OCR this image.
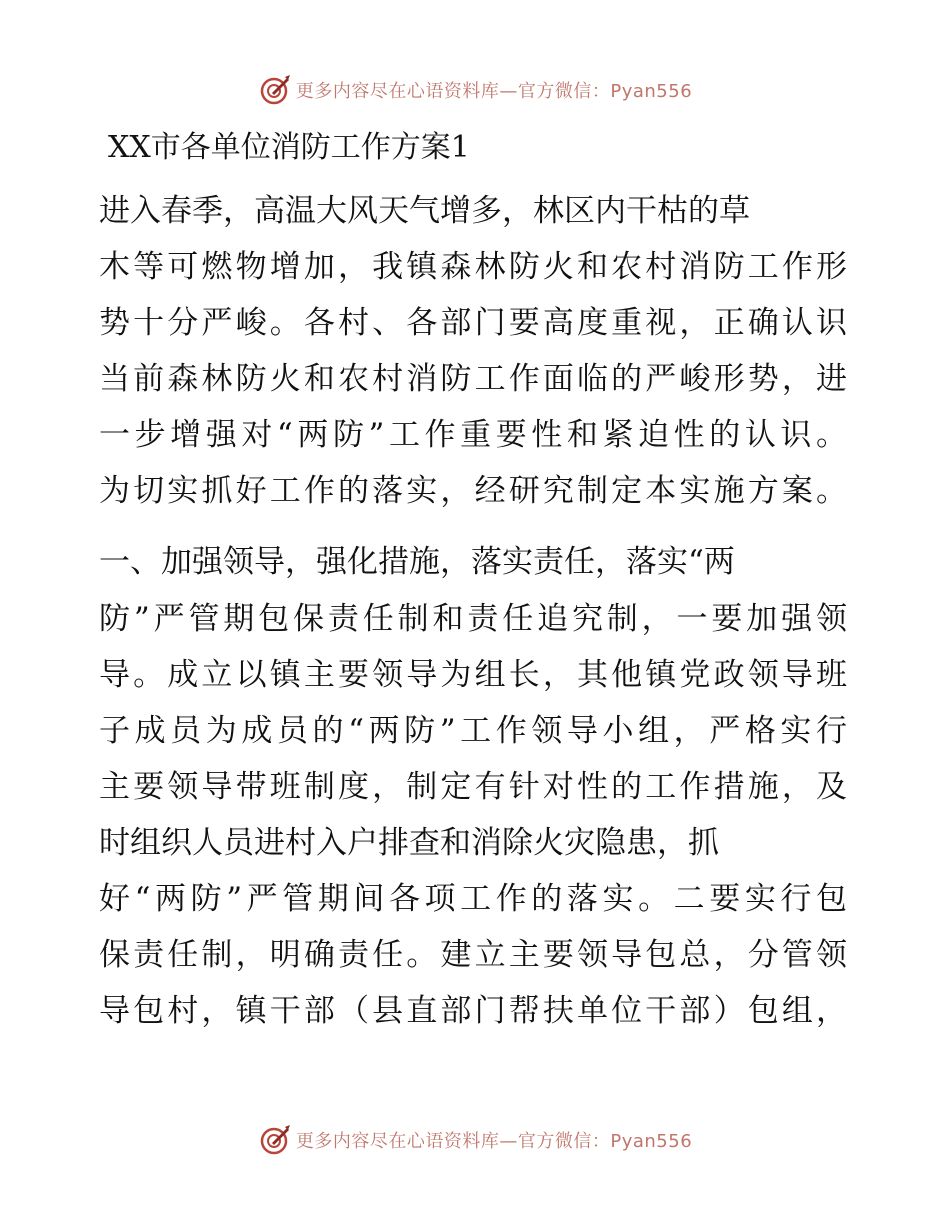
更多内容尽在心语资料库—官方微信：Pyan556
XX市各单位消防工作方案1
进入春季，高温大风天气增多，林区内干枯的草
木等可燃物增加，我镇森林防火和农村消防工作形
势十分严峻。各村、各部门要高度重视，正确认识
当前森林防火和农村消防工作面临的严峻形势，进
一步增强对“两防”工作重要性和紧迫性的认识。
为切实抓好工作的落实，经研究制定本实施方案。
一、加强领导，强化措施，落实责任，落实“两
防”严管期包保责任制和责任追究制，一要加强领
导。成立以镇主要领导为组长，其他镇党政领导班
子成员为成员的“两防”工作领导小组，严格实行
主要领导带班制度，制定有针对性的工作措施，及
时组织人员进村入户排查和消除火灾隐患，抓
好“两防”严管期间各项工作的落实。二要实行包
保责任制，明确责任。建立主要领导包总，分管领
导包村，镇干部（县直部门帮扶单位干部）包组，
更多内容尽在心语资料库—官方微信：Pyan556
